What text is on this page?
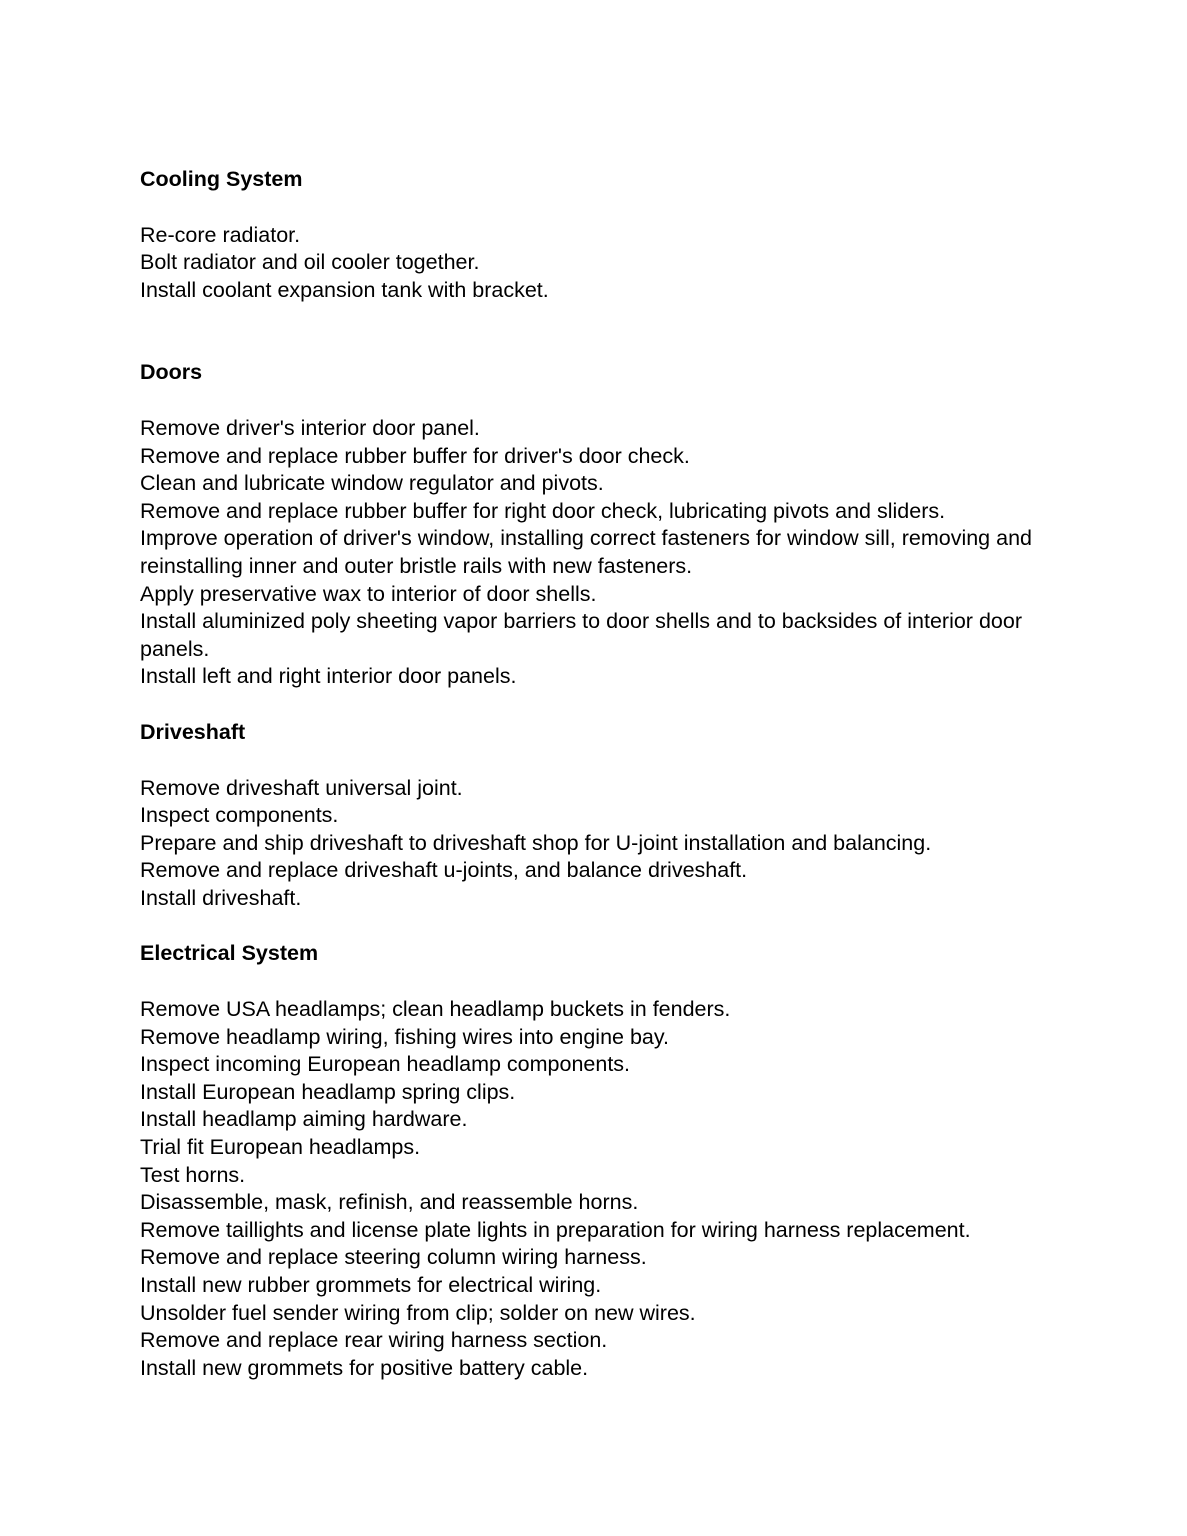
Cooling System
Re-core radiator.
Bolt radiator and oil cooler together.
Install coolant expansion tank with bracket.
Doors
Remove driver's interior door panel.
Remove and replace rubber buffer for driver's door check.
Clean and lubricate window regulator and pivots.
Remove and replace rubber buffer for right door check, lubricating pivots and sliders.
Improve operation of driver's window, installing correct fasteners for window sill, removing and reinstalling inner and outer bristle rails with new fasteners.
Apply preservative wax to interior of door shells.
Install aluminized poly sheeting vapor barriers to door shells and to backsides of interior door panels.
Install left and right interior door panels.
Driveshaft
Remove driveshaft universal joint.
Inspect components.
Prepare and ship driveshaft to driveshaft shop for U-joint installation and balancing.
Remove and replace driveshaft u-joints, and balance driveshaft.
Install driveshaft.
Electrical System
Remove USA headlamps; clean headlamp buckets in fenders.
Remove headlamp wiring, fishing wires into engine bay.
Inspect incoming European headlamp components.
Install European headlamp spring clips.
Install headlamp aiming hardware.
Trial fit European headlamps.
Test horns.
Disassemble, mask, refinish, and reassemble horns.
Remove taillights and license plate lights in preparation for wiring harness replacement.
Remove and replace steering column wiring harness.
Install new rubber grommets for electrical wiring.
Unsolder fuel sender wiring from clip; solder on new wires.
Remove and replace rear wiring harness section.
Install new grommets for positive battery cable.
